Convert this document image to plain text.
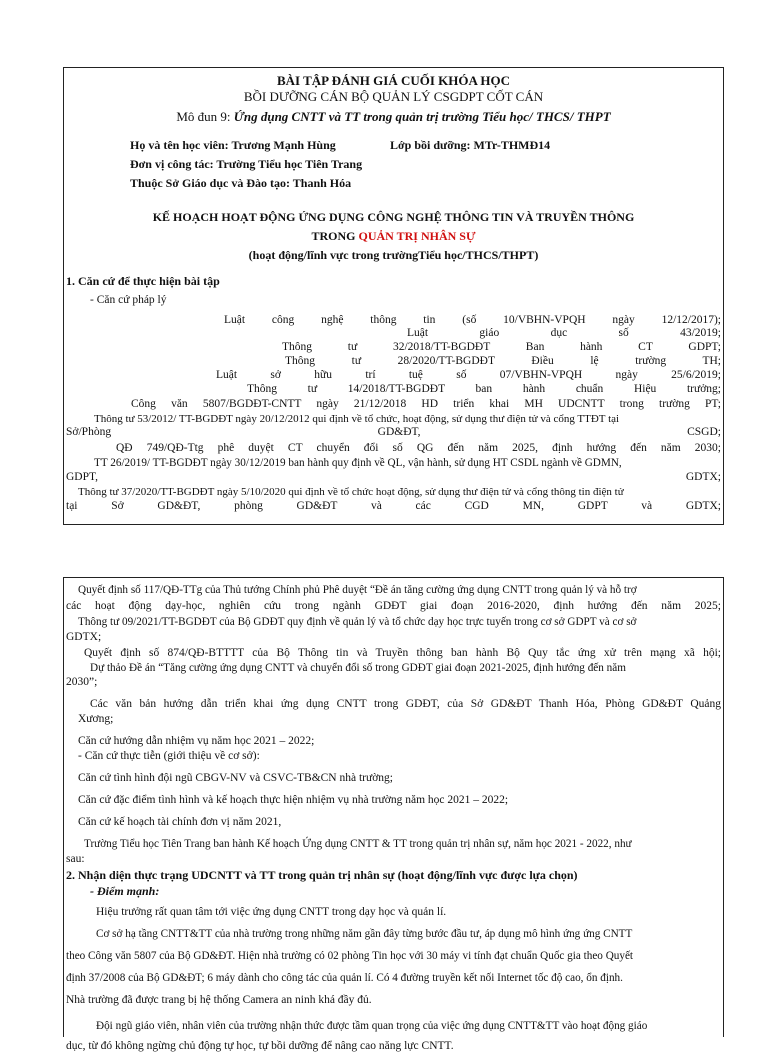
BÀI TẬP ĐÁNH GIÁ CUỐI KHÓA HỌC
BỒI DƯỠNG CÁN BỘ QUẢN LÝ CSGDPT CỐT CÁN
Mô đun 9: Ứng dụng CNTT và TT trong quản trị trường Tiểu học/ THCS/ THPT
Họ và tên học viên: Trương Mạnh Hùng	Lớp bồi dưỡng: MTr-THMĐ14
Đơn vị công tác: Trường Tiểu học Tiên Trang
Thuộc Sở Giáo dục và Đào tạo: Thanh Hóa
KẾ HOẠCH HOẠT ĐỘNG ỨNG DỤNG CÔNG NGHỆ THÔNG TIN VÀ TRUYỀN THÔNG
TRONG QUẢN TRỊ NHÂN SỰ
(hoạt động/lĩnh vực trong trườngTiểu học/THCS/THPT)
1. Căn cứ để thực hiện bài tập
- Căn cứ pháp lý
Luật công nghệ thông tin (số 10/VBHN-VPQH ngày 12/12/2017);
Luật giáo dục số 43/2019;
Thông tư 32/2018/TT-BGDĐT Ban hành CT GDPT;
Thông tư 28/2020/TT-BGDĐT Điều lệ trường TH;
Luật sở hữu trí tuệ số 07/VBHN-VPQH ngày 25/6/2019;
Thông tư 14/2018/TT-BGDĐT ban hành chuẩn Hiệu trưởng;
Công văn 5807/BGDĐT-CNTT ngày 21/12/2018 HD triển khai MH UDCNTT trong trường PT;
Thông tư 53/2012/ TT-BGDĐT ngày 20/12/2012 qui định về tổ chức, hoạt động, sử dụng thư điện tử và cổng TTĐT tại
Sở/Phòng GD&ĐT, CSGD;
QĐ 749/QĐ-Ttg phê duyệt CT chuyển đổi số QG đến năm 2025, định hướng đến năm 2030;
TT 26/2019/ TT-BGDĐT ngày 30/12/2019 ban hành quy định về QL, vận hành, sử dụng HT CSDL ngành về GDMN,
GDPT, GDTX;
Thông tư 37/2020/TT-BGDĐT ngày 5/10/2020 qui định về tổ chức hoạt động, sử dụng thư điện tử và cổng thông tin điện tử
tại Sở GD&ĐT, phòng GD&ĐT và các CGD MN, GDPT và GDTX;
Quyết định số 117/QĐ-TTg của Thủ tướng Chính phủ Phê duyệt “Đề án tăng cường ứng dụng CNTT trong quản lý và hỗ trợ
các hoạt động dạy-học, nghiên cứu trong ngành GDĐT giai đoạn 2016-2020, định hướng đến năm 2025;
Thông tư 09/2021/TT-BGDĐT của Bộ GDĐT quy định về quản lý và tổ chức dạy học trực tuyến trong cơ sở GDPT và cơ sở
GDTX;
Quyết định số 874/QĐ-BTTTT của Bộ Thông tin và Truyền thông ban hành Bộ Quy tắc ứng xử trên mạng xã hội;
Dự thảo Đề án “Tăng cường ứng dụng CNTT và chuyển đổi số trong GDĐT giai đoạn 2021-2025, định hướng đến năm
2030”;
Các văn bản hướng dẫn triển khai ứng dụng CNTT trong GDĐT, của Sở GD&ĐT Thanh Hóa, Phòng GD&ĐT Quảng
Xương;
Căn cứ hướng dẫn nhiệm vụ năm học 2021 – 2022;
- Căn cứ thực tiễn (giới thiệu về cơ sở):
Căn cứ tình hình đội ngũ CBGV-NV và CSVC-TB&CN nhà trường;
Căn cứ đặc điểm tình hình và kế hoạch thực hiện nhiệm vụ nhà trường năm học 2021 – 2022;
Căn cứ kế hoạch tài chính đơn vị năm 2021,
Trường Tiểu học Tiên Trang ban hành Kế hoạch Ứng dụng CNTT & TT trong quản trị nhân sự, năm học 2021 - 2022, như
sau:
2. Nhận diện thực trạng UDCNTT và TT trong quản trị nhân sự (hoạt động/lĩnh vực được lựa chọn)
- Điểm mạnh:
Hiệu trưởng rất quan tâm tới việc ứng dụng CNTT trong dạy học và quản lí.
Cơ sở hạ tầng CNTT&TT của nhà trường trong những năm gần đây từng bước đầu tư, áp dụng mô hình ứng ứng CNTT
theo Công văn 5807 của Bộ GD&ĐT. Hiện nhà trường có 02 phòng Tin học với 30 máy vi tính đạt chuẩn Quốc gia theo Quyết
định 37/2008 của Bộ GD&ĐT; 6 máy dành cho công tác của quản lí. Có 4 đường truyền kết nối Internet tốc độ cao, ổn định.
Nhà trường đã được trang bị hệ thống Camera an ninh khá đầy đủ.
Đội ngũ giáo viên, nhân viên của trường nhận thức được tầm quan trọng của việc ứng dụng CNTT&TT vào hoạt động giáo
dục, từ đó không ngừng chủ động tự học, tự bồi dưỡng để nâng cao năng lực CNTT.
